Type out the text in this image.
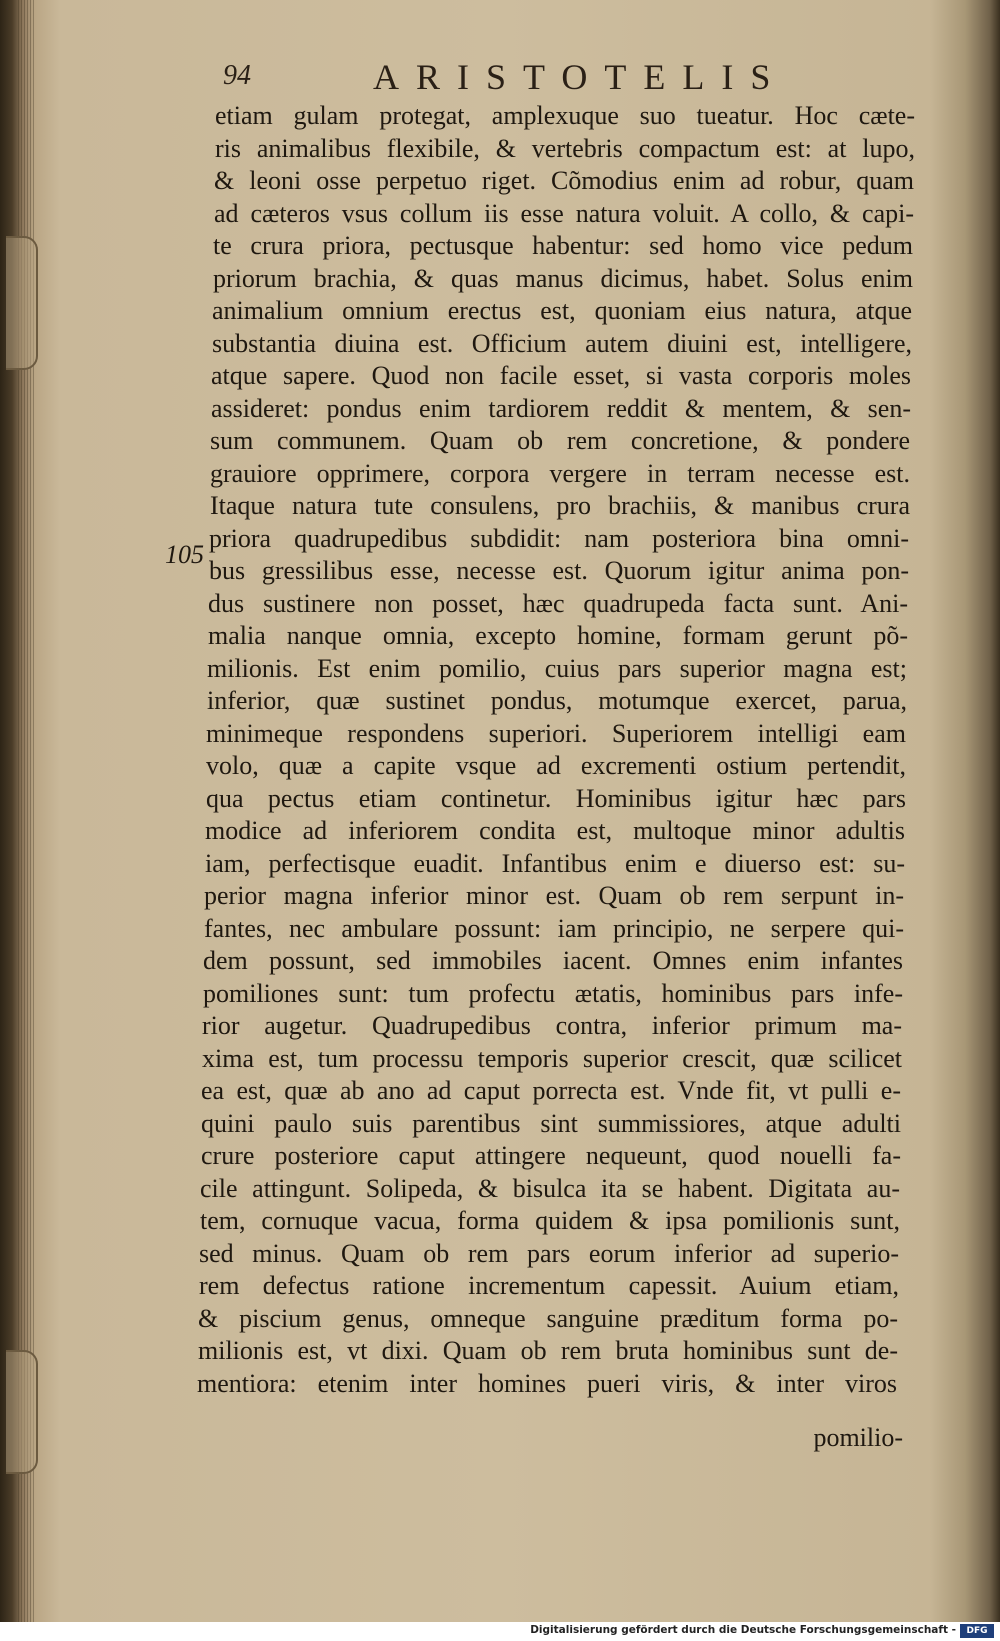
94	ARISTOTELIS
etiam gulam protegat, amplexuque suo tueatur. Hoc cæte-
ris animalibus flexibile, & vertebris compactum est: at lupo,
& leoni osse perpetuo riget. Cõmodius enim ad robur, quam
ad cæteros vsus collum iis esse natura voluit. A collo, & capi-
te crura priora, pectusque habentur: sed homo vice pedum
priorum brachia, & quas manus dicimus, habet. Solus enim
animalium omnium erectus est, quoniam eius natura, atque
substantia diuina est. Officium autem diuini est, intelligere,
atque sapere. Quod non facile esset, si vasta corporis moles
assideret: pondus enim tardiorem reddit & mentem, & sen-
sum communem. Quam ob rem concretione, & pondere
grauiore opprimere, corpora vergere in terram necesse est.
Itaque natura tute consulens, pro brachiis, & manibus crura
priora quadrupedibus subdidit: nam posteriora bina omni-
bus gressilibus esse, necesse est. Quorum igitur anima pon-
dus sustinere non posset, hæc quadrupeda facta sunt. Ani-
malia nanque omnia, excepto homine, formam gerunt põ-
milionis. Est enim pomilio, cuius pars superior magna est;
inferior, quæ sustinet pondus, motumque exercet, parua,
minimeque respondens superiori. Superiorem intelligi eam
volo, quæ a capite vsque ad excrementi ostium pertendit,
qua pectus etiam continetur. Hominibus igitur hæc pars
modice ad inferiorem condita est, multoque minor adultis
iam, perfectisque euadit. Infantibus enim e diuerso est: su-
perior magna inferior minor est. Quam ob rem serpunt in-
fantes, nec ambulare possunt: iam principio, ne serpere qui-
dem possunt, sed immobiles iacent. Omnes enim infantes
pomiliones sunt: tum profectu ætatis, hominibus pars infe-
rior augetur. Quadrupedibus contra, inferior primum ma-
xima est, tum processu temporis superior crescit, quæ scilicet
ea est, quæ ab ano ad caput porrecta est. Vnde fit, vt pulli e-
quini paulo suis parentibus sint summissiores, atque adulti
crure posteriore caput attingere nequeunt, quod nouelli fa-
cile attingunt. Solipeda, & bisulca ita se habent. Digitata au-
tem, cornuque vacua, forma quidem & ipsa pomilionis sunt,
sed minus. Quam ob rem pars eorum inferior ad superio-
rem defectus ratione incrementum capessit. Auium etiam,
& piscium genus, omneque sanguine præditum forma po-
milionis est, vt dixi. Quam ob rem bruta hominibus sunt de-
mentiora: etenim inter homines pueri viris, & inter viros
pomilio-
105
Digitalisierung gefördert durch die Deutsche Forschungsgemeinschaft -	DFG
